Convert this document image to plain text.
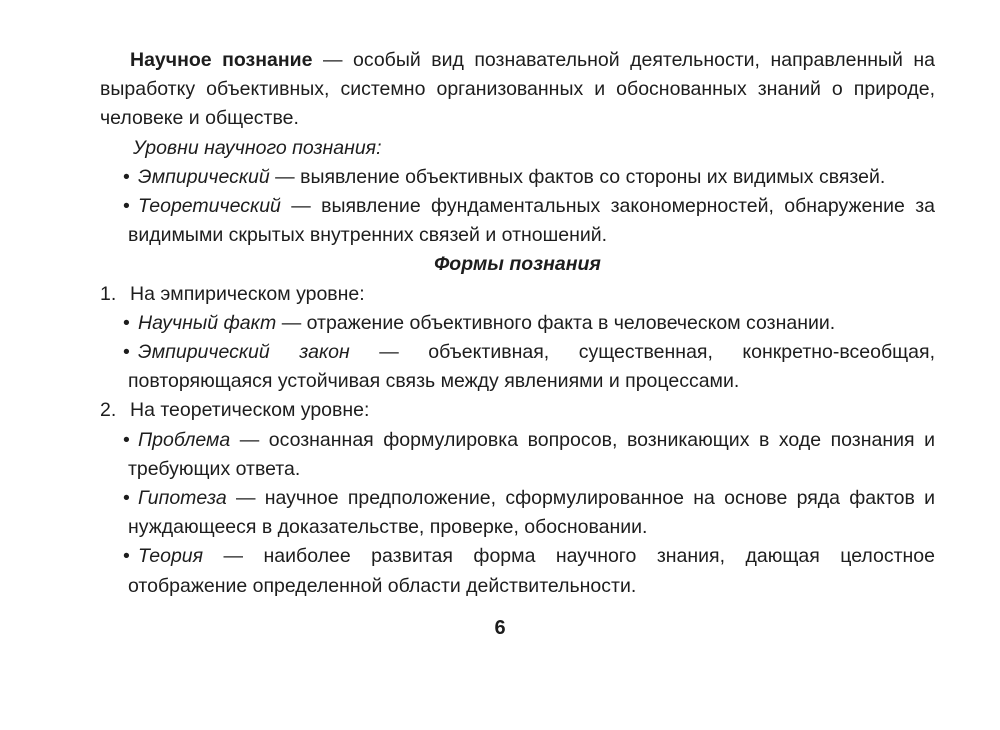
Научное познание — особый вид познавательной деятельности, направленный на выработку объективных, системно организованных и обоснованных знаний о природе, человеке и обществе.
Уровни научного познания:
• Эмпирический — выявление объективных фактов со стороны их видимых связей.
• Теоретический — выявление фундаментальных закономерностей, обнаружение за видимыми скрытых внутренних связей и отношений.
Формы познания
1. На эмпирическом уровне:
• Научный факт — отражение объективного факта в человеческом сознании.
• Эмпирический закон — объективная, существенная, конкретно-всеобщая, повторяющаяся устойчивая связь между явлениями и процессами.
2. На теоретическом уровне:
• Проблема — осознанная формулировка вопросов, возникающих в ходе познания и требующих ответа.
• Гипотеза — научное предположение, сформулированное на основе ряда фактов и нуждающееся в доказательстве, проверке, обосновании.
• Теория — наиболее развитая форма научного знания, дающая целостное отображение определенной области действительности.
6
